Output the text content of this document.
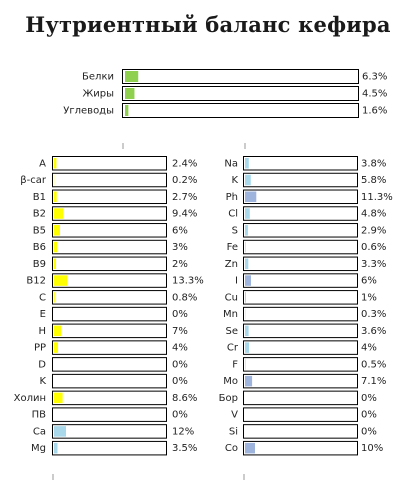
Нутриентный баланс кефира
Белки	6.3%
Жиры	4.5%
Углеводы	1.6%
A	2.4%
β-car	0.2%
B1	2.7%
B2	9.4%
B5	6%
B6	3%
B9	2%
B12	13.3%
C	0.8%
E	0%
H	7%
PP	4%
D	0%
K	0%
Холин	8.6%
ПВ	0%
Ca	12%
Mg	3.5%
Na	3.8%
K	5.8%
Ph	11.3%
Cl	4.8%
S	2.9%
Fe	0.6%
Zn	3.3%
I	6%
Cu	1%
Mn	0.3%
Se	3.6%
Cr	4%
F	0.5%
Mo	7.1%
Бор	0%
V	0%
Si	0%
Co	10%
